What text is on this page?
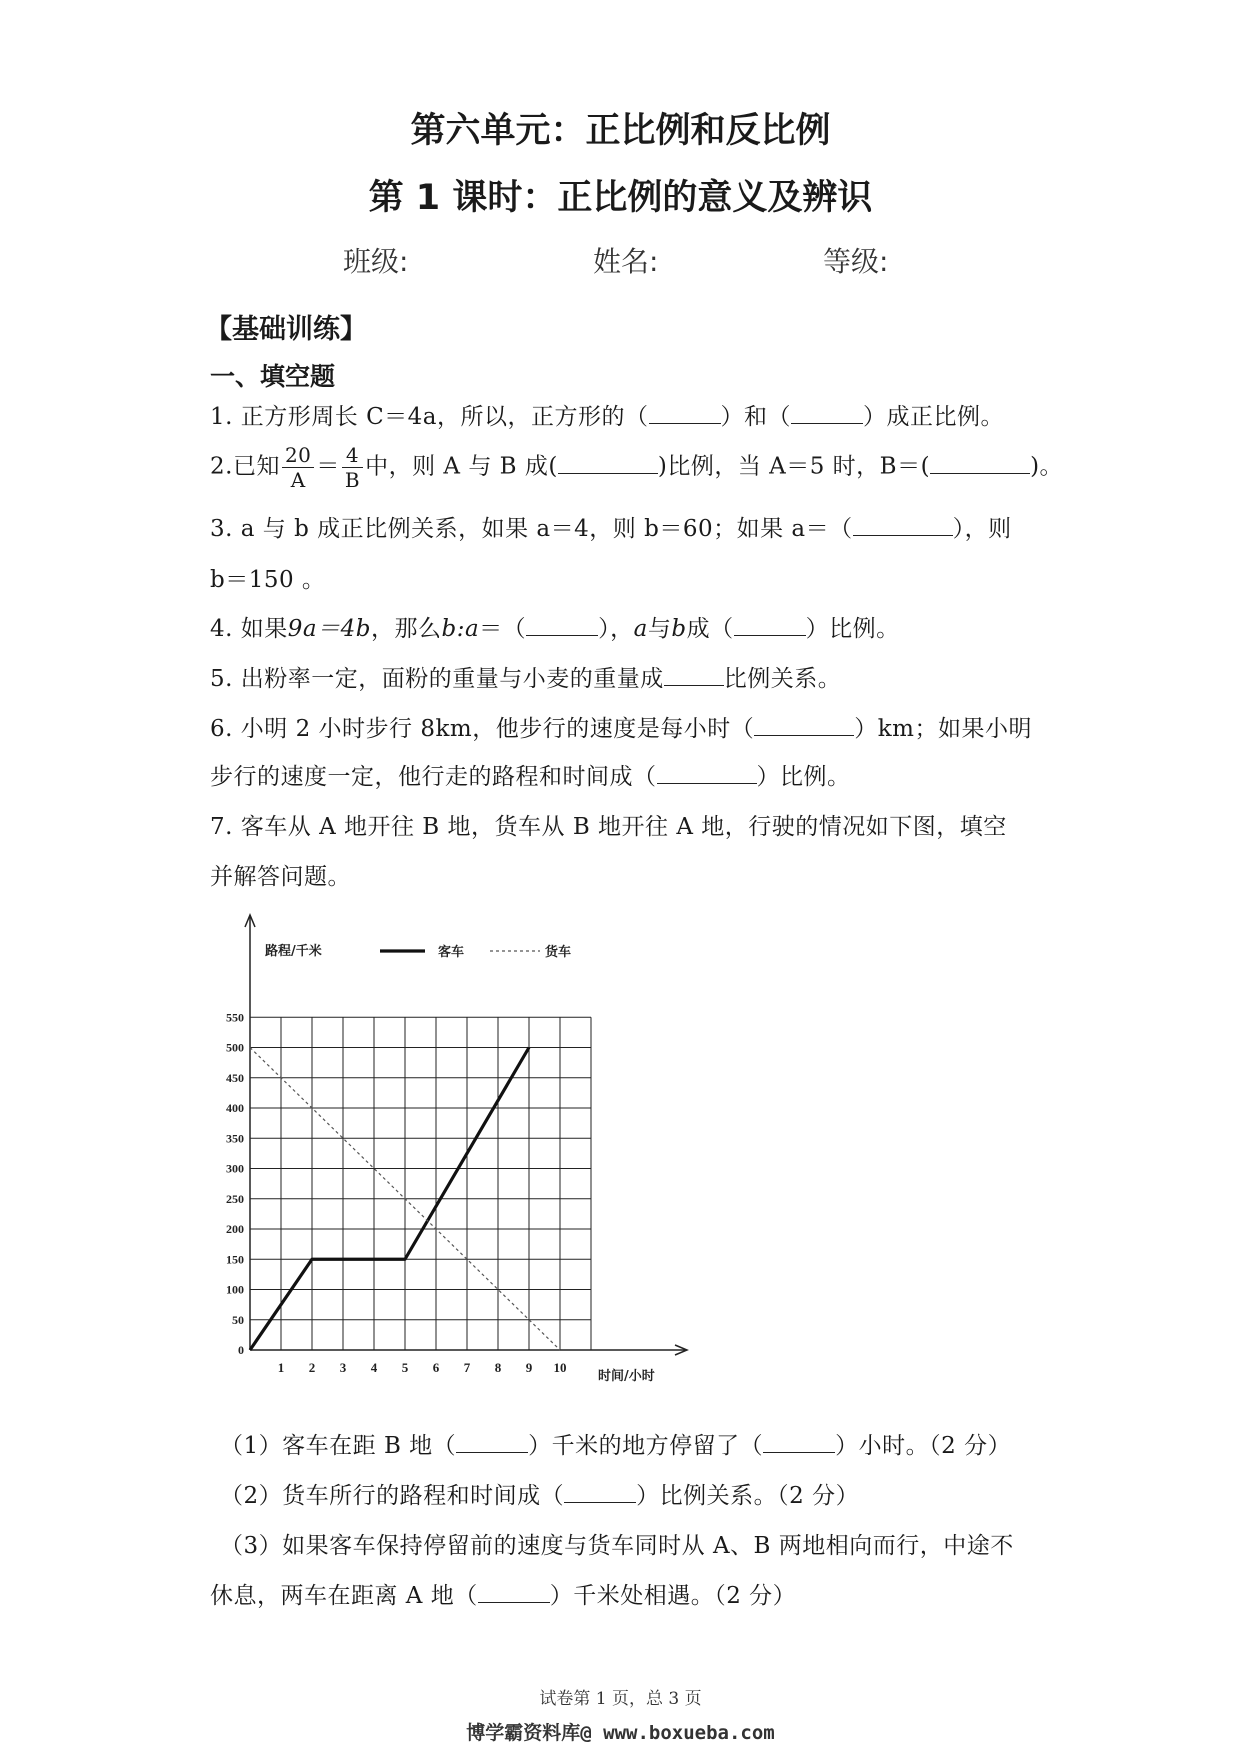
第六单元：正比例和反比例
第 1 课时：正比例的意义及辨识
班级:	姓名:	等级:
【基础训练】
一、填空题
1. 正方形周长 C＝4a，所以，正方形的（	）和（	）成正比例。
2.已知 $\frac{20}{A} = \frac{4}{B}$ 中，则 A 与 B 成(	)比例，当 A＝5 时，B＝(	)。
3. a 与 b 成正比例关系，如果 a＝4，则 b＝60；如果 a＝（	），则
b＝150 。
4. 如果9a＝4b，那么b:a＝（	），a与b成（	）比例。
5. 出粉率一定，面粉的重量与小麦的重量成	比例关系。
6. 小明 2 小时步行 8km，他步行的速度是每小时（	）km；如果小明
步行的速度一定，他行走的路程和时间成（	）比例。
7. 客车从 A 地开往 B 地，货车从 B 地开往 A 地，行驶的情况如下图，填空
并解答问题。
1 2 3 4 5 6 7 8 9 10
0
50
100
150
200
250
300
350
400
450
500
550
路程/千米
时间/小时
客车	货车
（1）客车在距 B 地（	）千米的地方停留了（	）小时。（2 分）
（2）货车所行的路程和时间成（	）比例关系。（2 分）
（3）如果客车保持停留前的速度与货车同时从 A、B 两地相向而行，中途不
休息，两车在距离 A 地（	）千米处相遇。（2 分）
试卷第 1 页，总 3 页
博学霸资料库@ www.boxueba.com
